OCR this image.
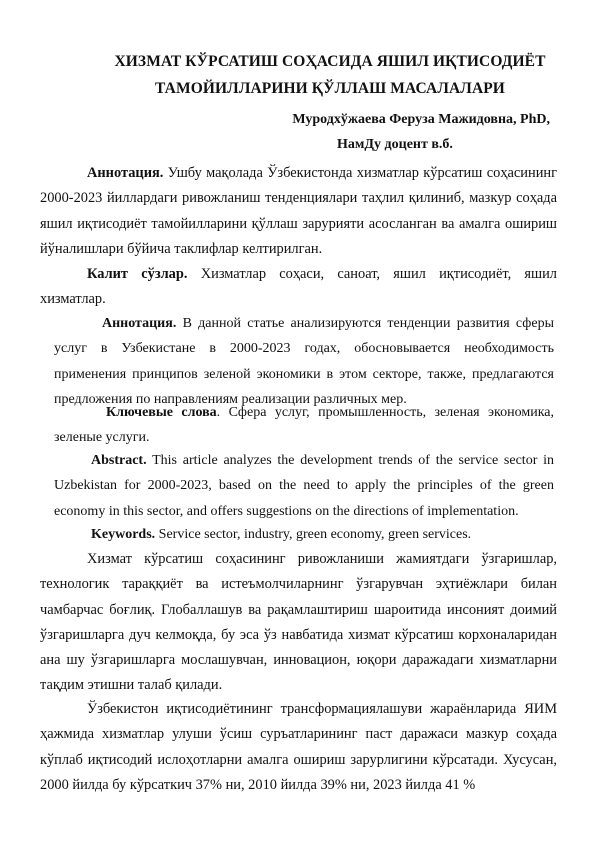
ХИЗМАТ КЎРСАТИШ СОҲАСИДА ЯШИЛ ИҚТИСОДИЁТ
ТАМОЙИЛЛАРИНИ ҚЎЛЛАШ МАСАЛАЛАРИ
Муродхўжаева Феруза Мажидовна, PhD,
НамДу доцент в.б.
Аннотация. Ушбу мақолада Ўзбекистонда хизматлар кўрсатиш соҳасининг 2000-2023 йиллардаги ривожланиш тенденциялари таҳлил қилиниб, мазкур соҳада яшил иқтисодиёт тамойилларини қўллаш зарурияти асосланган ва амалга ошириш йўналишлари бўйича таклифлар келтирилган.
Калит сўзлар. Хизматлар соҳаси, саноат, яшил иқтисодиёт, яшил хизматлар.
Аннотация. В данной статье анализируются тенденции развития сферы услуг в Узбекистане в 2000-2023 годах, обосновывается необходимость применения принципов зеленой экономики в этом секторе, также, предлагаются предложения по направлениям реализации различных мер.
Ключевые слова. Сфера услуг, промышленность, зеленая экономика, зеленые услуги.
Abstract. This article analyzes the development trends of the service sector in Uzbekistan for 2000-2023, based on the need to apply the principles of the green economy in this sector, and offers suggestions on the directions of implementation.
Keywords. Service sector, industry, green economy, green services.
Хизмат кўрсатиш соҳасининг ривожланиши жамиятдаги ўзгаришлар, технологик тараққиёт ва истеъмолчиларнинг ўзгарувчан эҳтиёжлари билан чамбарчас боғлиқ. Глобаллашув ва рақамлаштириш шароитида инсоният доимий ўзгаришларга дуч келмоқда, бу эса ўз навбатида хизмат кўрсатиш корхоналаридан ана шу ўзгаришларга мослашувчан, инновацион, юқори даражадаги хизматларни тақдим этишни талаб қилади.
Ўзбекистон иқтисодиётининг трансформациялашуви жараёнларида ЯИМ ҳажмида хизматлар улуши ўсиш суръатларининг паст даражаси мазкур соҳада кўплаб иқтисодий ислоҳотларни амалга ошириш зарурлигини кўрсатади. Хусусан, 2000 йилда бу кўрсаткич 37% ни, 2010 йилда 39% ни, 2023 йилда 41 %
